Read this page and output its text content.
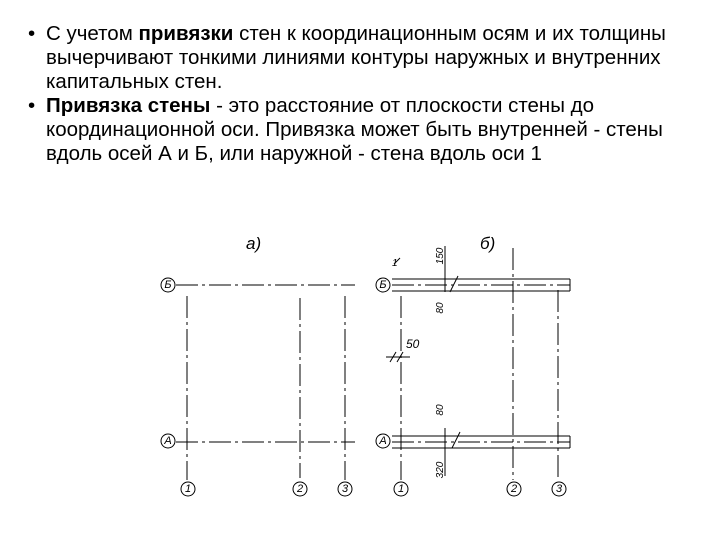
• С учетом привязки стен к координационным осям и их толщины вычерчивают тонкими линиями контуры наружных и внутренних капитальных стен.

• Привязка стены - это расстояние от плоскости стены до координационной оси. Привязка может быть внутренней - стены вдоль осей А и Б, или наружной - стена вдоль оси 1

Б
А
Б
А
1	2	3	1	2	3
а)	б)
50
1	150
80
80
320
